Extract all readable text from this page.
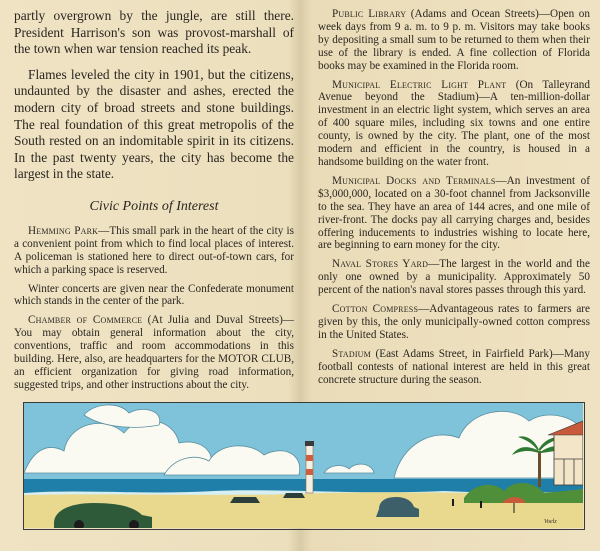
partly overgrown by the jungle, are still there. President Harrison's son was provost-marshall of the town when war tension reached its peak.

Flames leveled the city in 1901, but the citizens, undaunted by the disaster and ashes, erected the modern city of broad streets and stone buildings. The real foundation of this great metropolis of the South rested on an indomitable spirit in its citizens. In the past twenty years, the city has become the largest in the state.

Civic Points of Interest

Hemming Park—This small park in the heart of the city is a convenient point from which to find local places of interest. A policeman is stationed here to direct out-of-town cars, for which a parking space is reserved.

Winter concerts are given near the Confederate monument which stands in the center of the park.

Chamber of Commerce (At Julia and Duval Streets)—You may obtain general information about the city, conventions, traffic and room accommodations in this building. Here, also, are headquarters for the MOTOR CLUB, an efficient organization for giving road information, suggested trips, and other instructions about the city.

Public Library (Adams and Ocean Streets)—Open on week days from 9 a. m. to 9 p. m. Visitors may take books by depositing a small sum to be returned to them when their use of the library is ended. A fine collection of Florida books may be examined in the Florida room.

Municipal Electric Light Plant (On Talleyrand Avenue beyond the Stadium)—A ten-million-dollar investment in an electric light system, which serves an area of 400 square miles, including six towns and one entire county, is owned by the city. The plant, one of the most modern and efficient in the country, is housed in a handsome building on the water front.

Municipal Docks and Terminals—An investment of $3,000,000, located on a 30-foot channel from Jacksonville to the sea. They have an area of 144 acres, and one mile of river-front. The docks pay all carrying charges and, besides offering inducements to industries wishing to locate here, are beginning to earn money for the city.

Naval Stores Yard—The largest in the world and the only one owned by a municipality. Approximately 50 percent of the nation's naval stores passes through this yard.

Cotton Compress—Advantageous rates to farmers are given by this, the only municipally-owned cotton compress in the United States.

Stadium (East Adams Street, in Fairfield Park)—Many football contests of national interest are held in this great concrete structure during the season.

Voelz
